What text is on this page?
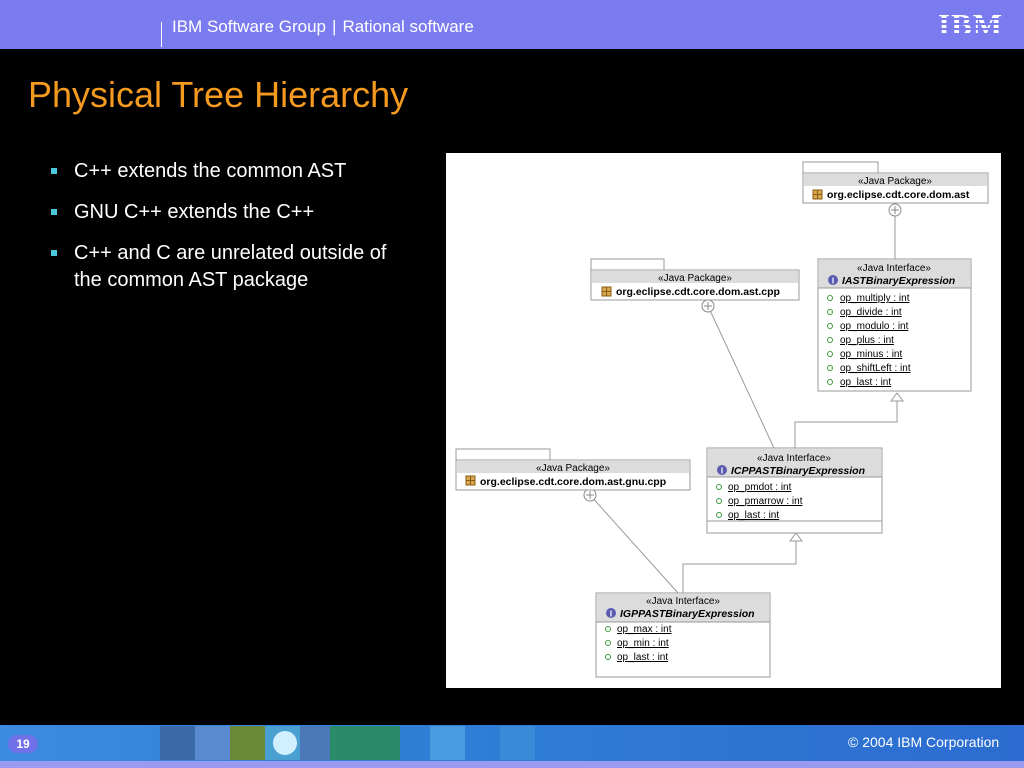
IBM Software Group | Rational software	IBM
Physical Tree Hierarchy
C++ extends the common AST
GNU C++ extends the C++
C++ and C are unrelated outside of the common AST package
«Java Package»
org.eclipse.cdt.core.dom.ast
«Java Package»
org.eclipse.cdt.core.dom.ast.cpp
«Java Package»
org.eclipse.cdt.core.dom.ast.gnu.cpp
«Java Interface»
I IASTBinaryExpression
op_multiply : int
op_divide : int
op_modulo : int
op_plus : int
op_minus : int
op_shiftLeft : int
op_last : int
«Java Interface»
I ICPPASTBinaryExpression
op_pmdot : int
op_pmarrow : int
op_last : int
«Java Interface»
I IGPPASTBinaryExpression
op_max : int
op_min : int
op_last : int
19	© 2004 IBM Corporation
